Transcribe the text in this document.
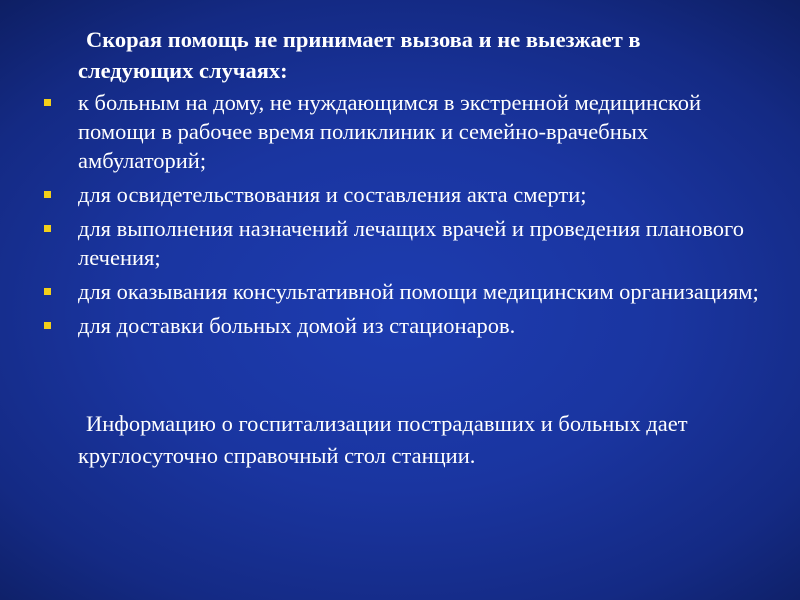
Скорая помощь не принимает вызова и не выезжает в следующих случаях:

к больным на дому, не нуждающимся в экстренной медицинской помощи в рабочее время поликлиник и семейно-врачебных амбулаторий;
для освидетельствования и составления акта смерти;
для выполнения назначений лечащих врачей и проведения планового лечения;
для оказывания консультативной помощи медицинским организациям;
для доставки больных домой из стационаров.

Информацию о госпитализации пострадавших и больных дает круглосуточно справочный стол станции.
